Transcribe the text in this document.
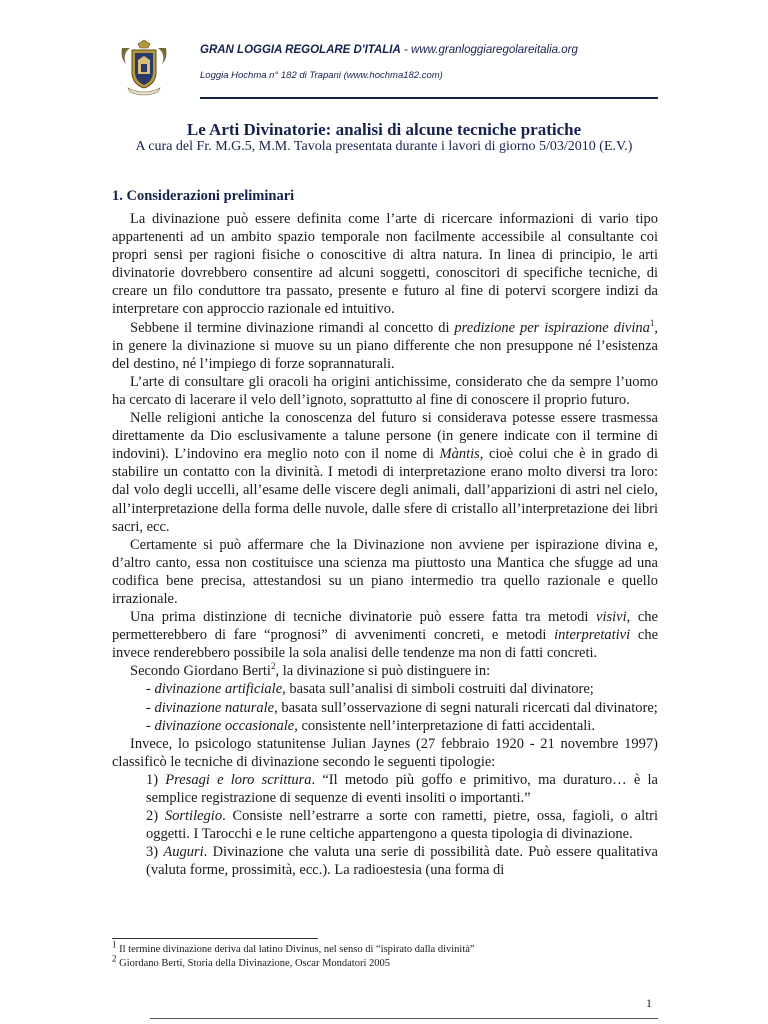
GRAN LOGGIA REGOLARE D'ITALIA - www.granloggiaregolareitalia.org
Loggia Hochma n° 182 di Trapani (www.hochma182.com)
Le Arti Divinatorie: analisi di alcune tecniche pratiche
A cura del Fr. M.G.5, M.M. Tavola presentata durante i lavori di giorno 5/03/2010 (E.V.)
1. Considerazioni preliminari

La divinazione può essere definita come l’arte di ricercare informazioni di vario tipo appartenenti ad un ambito spazio temporale non facilmente accessibile al consultante coi propri sensi per ragioni fisiche o conoscitive di altra natura. In linea di principio, le arti divinatorie dovrebbero consentire ad alcuni soggetti, conoscitori di specifiche tecniche, di creare un filo conduttore tra passato, presente e futuro al fine di potervi scorgere indizi da interpretare con approccio razionale ed intuitivo.

Sebbene il termine divinazione rimandi al concetto di predizione per ispirazione divina$^1$, in genere la divinazione si muove su un piano differente che non presuppone né l’esistenza del destino, né l’impiego di forze soprannaturali.

L’arte di consultare gli oracoli ha origini antichissime, considerato che da sempre l’uomo ha cercato di lacerare il velo dell’ignoto, soprattutto al fine di conoscere il proprio futuro.

Nelle religioni antiche la conoscenza del futuro si considerava potesse essere trasmessa direttamente da Dio esclusivamente a talune persone (in genere indicate con il termine di indovini). L’indovino era meglio noto con il nome di Màntis, cioè colui che è in grado di stabilire un contatto con la divinità. I metodi di interpretazione erano molto diversi tra loro: dal volo degli uccelli, all’esame delle viscere degli animali, dall’apparizioni di astri nel cielo, all’interpretazione della forma delle nuvole, dalle sfere di cristallo all’interpretazione dei libri sacri, ecc.

Certamente si può affermare che la Divinazione non avviene per ispirazione divina e, d’altro canto, essa non costituisce una scienza ma piuttosto una Mantica che sfugge ad una codifica bene precisa, attestandosi su un piano intermedio tra quello razionale e quello irrazionale.

Una prima distinzione di tecniche divinatorie può essere fatta tra metodi visivi, che permetterebbero di fare “prognosi” di avvenimenti concreti, e metodi interpretativi che invece renderebbero possibile la sola analisi delle tendenze ma non di fatti concreti.

Secondo Giordano Berti$^2$, la divinazione si può distinguere in:

- divinazione artificiale, basata sull’analisi di simboli costruiti dal divinatore;
- divinazione naturale, basata sull’osservazione di segni naturali ricercati dal divinatore;
- divinazione occasionale, consistente nell’interpretazione di fatti accidentali.

Invece, lo psicologo statunitense Julian Jaynes (27 febbraio 1920 - 21 novembre 1997) classificò le tecniche di divinazione secondo le seguenti tipologie:

1) Presagi e loro scrittura. “Il metodo più goffo e primitivo, ma duraturo… è la semplice registrazione di sequenze di eventi insoliti o importanti.”
2) Sortilegio. Consiste nell’estrarre a sorte con rametti, pietre, ossa, fagioli, o altri oggetti. I Tarocchi e le rune celtiche appartengono a questa tipologia di divinazione.
3) Auguri. Divinazione che valuta una serie di possibilità date. Può essere qualitativa (valuta forme, prossimità, ecc.). La radioestesia (una forma di
$^1$ Il termine divinazione deriva dal latino Divinus, nel senso di “ispirato dalla divinità”
$^2$ Giordano Berti, Storia della Divinazione, Oscar Mondatori 2005
1
